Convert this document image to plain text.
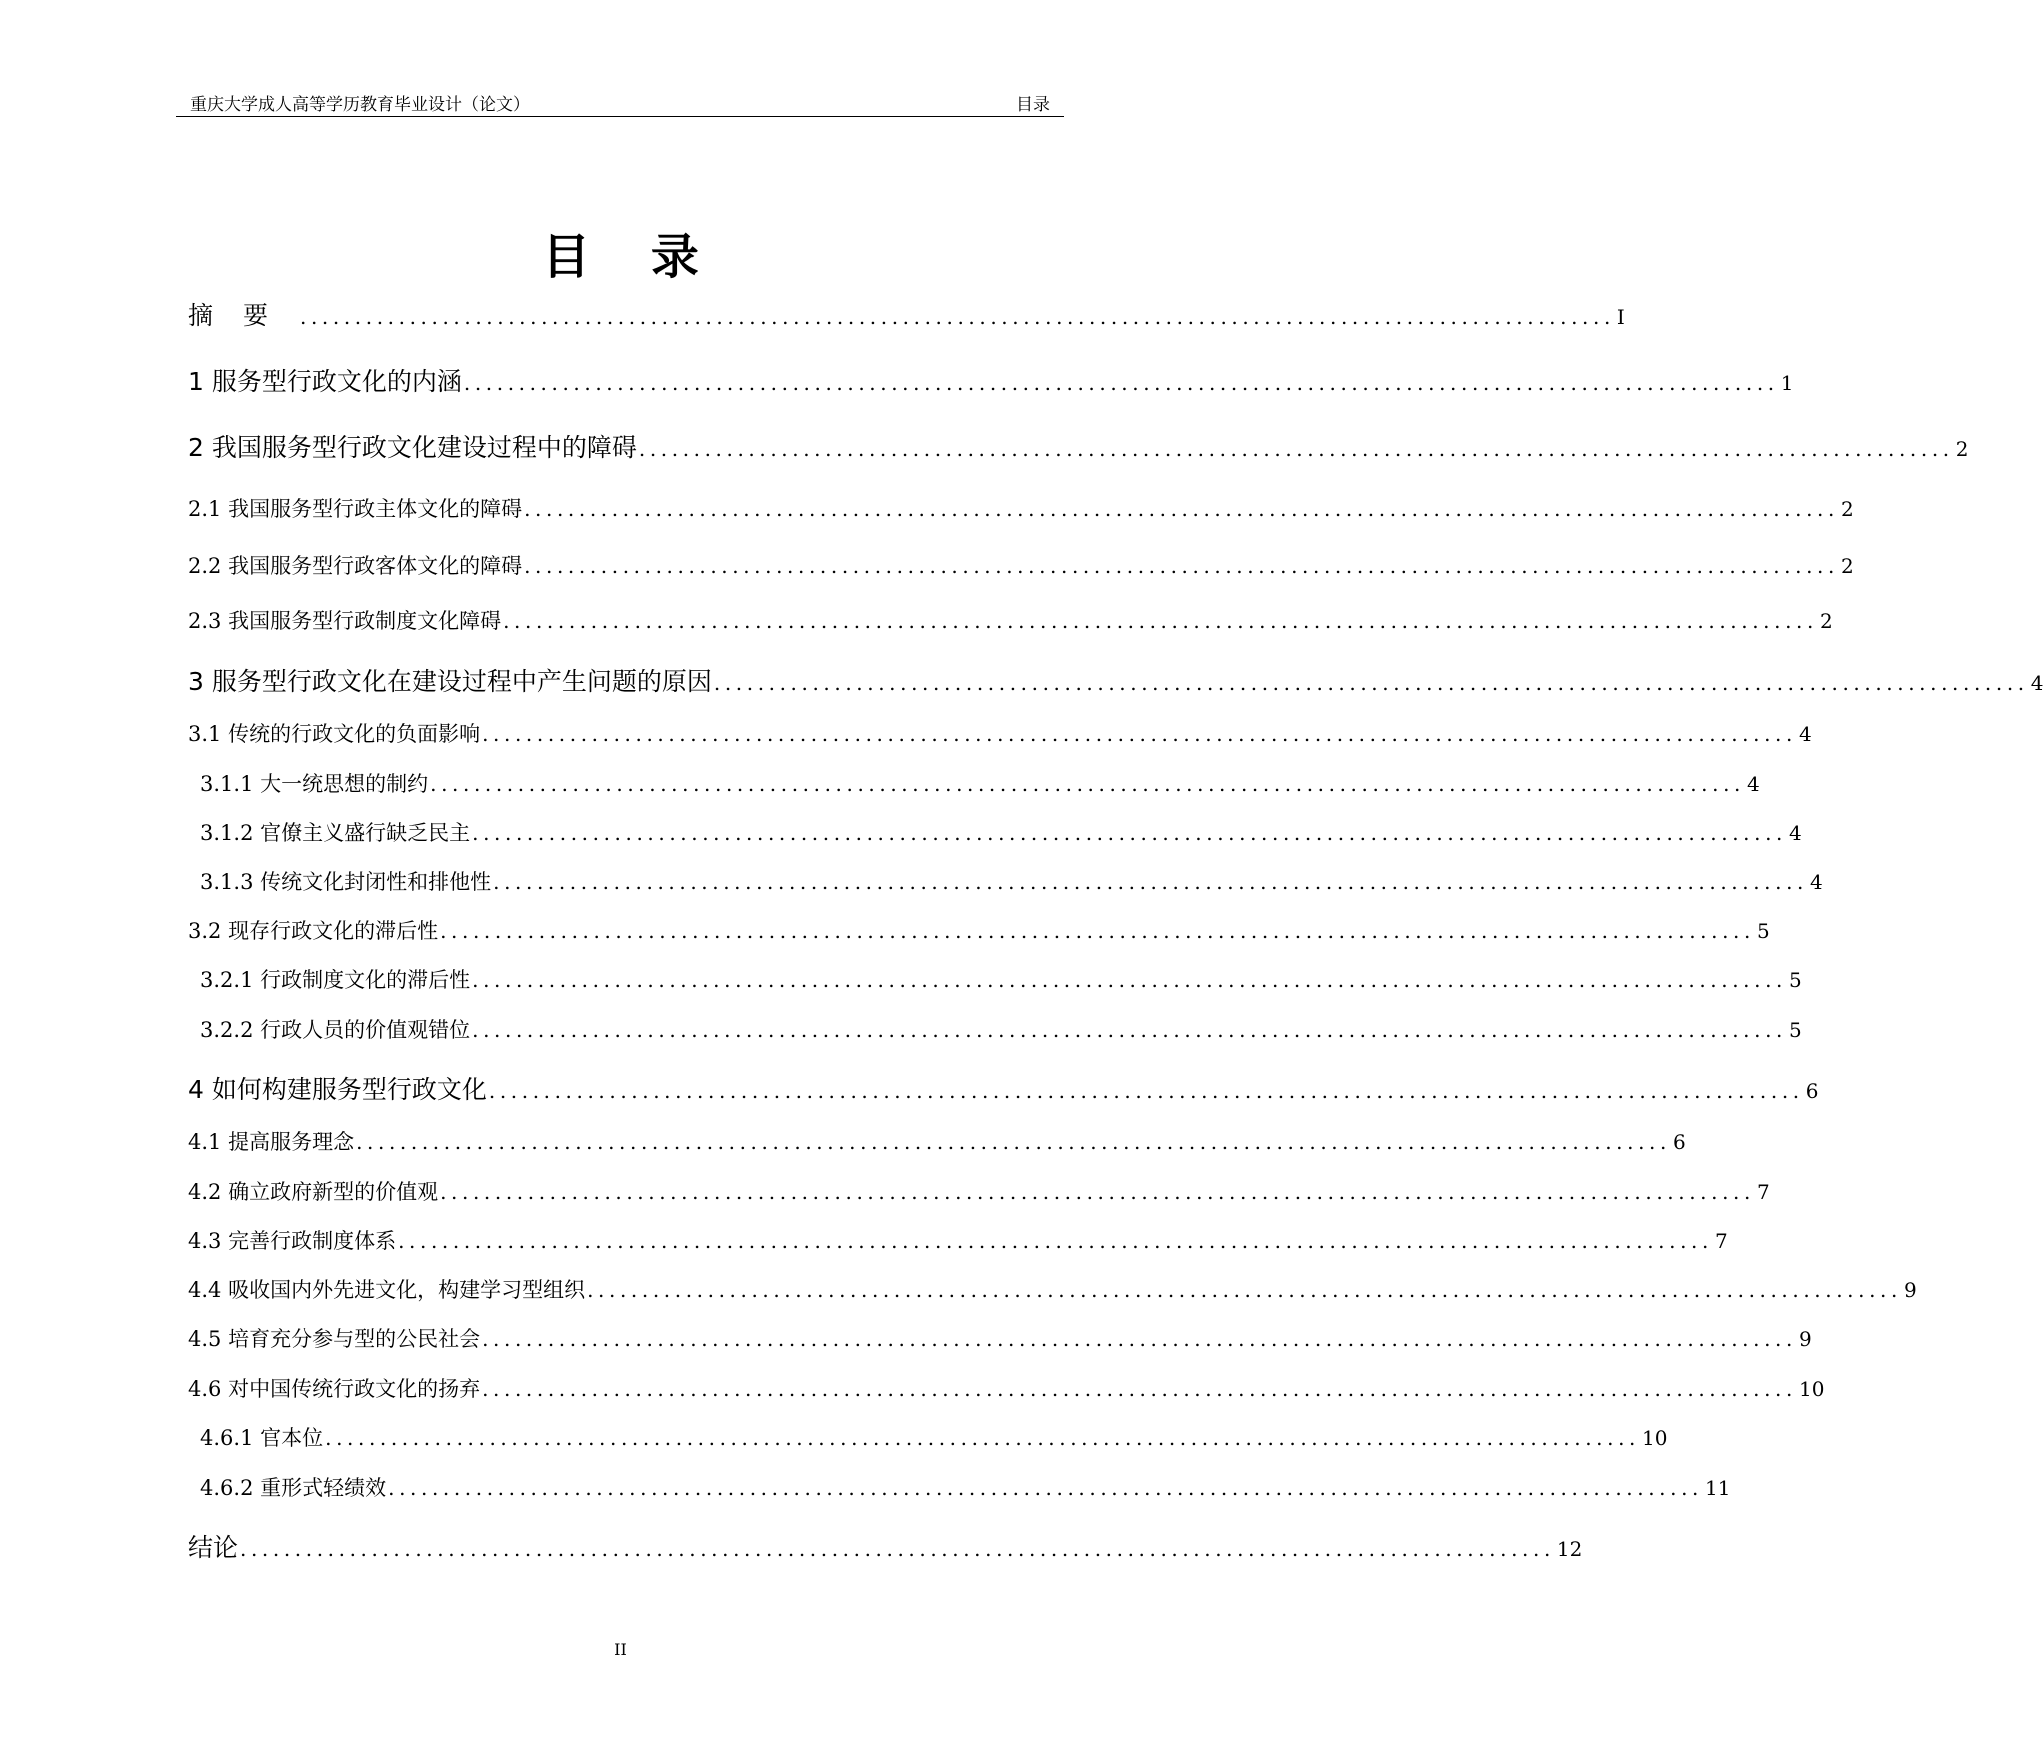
重庆大学成人高等学历教育毕业设计（论文）	目录
目 录
摘要 ........................................................................................................................ I
1 服务型行政文化的内涵 ........................................................................................................................ 1
2 我国服务型行政文化建设过程中的障碍 ........................................................................................................................ 2
2.1 我国服务型行政主体文化的障碍 ........................................................................................................................ 2
2.2 我国服务型行政客体文化的障碍 ........................................................................................................................ 2
2.3 我国服务型行政制度文化障碍 ........................................................................................................................ 2
3 服务型行政文化在建设过程中产生问题的原因 ........................................................................................................................ 4
3.1 传统的行政文化的负面影响 ........................................................................................................................ 4
3.1.1 大一统思想的制约 ........................................................................................................................ 4
3.1.2 官僚主义盛行缺乏民主 ........................................................................................................................ 4
3.1.3 传统文化封闭性和排他性 ........................................................................................................................ 4
3.2 现存行政文化的滞后性 ........................................................................................................................ 5
3.2.1 行政制度文化的滞后性 ........................................................................................................................ 5
3.2.2 行政人员的价值观错位 ........................................................................................................................ 5
4 如何构建服务型行政文化 ........................................................................................................................ 6
4.1 提高服务理念 ........................................................................................................................ 6
4.2 确立政府新型的价值观 ........................................................................................................................ 7
4.3 完善行政制度体系 ........................................................................................................................ 7
4.4 吸收国内外先进文化，构建学习型组织 ........................................................................................................................ 9
4.5 培育充分参与型的公民社会 ........................................................................................................................ 9
4.6 对中国传统行政文化的扬弃 ........................................................................................................................ 10
4.6.1 官本位 ........................................................................................................................ 10
4.6.2 重形式轻绩效 ........................................................................................................................ 11
结论 ........................................................................................................................ 12
II
